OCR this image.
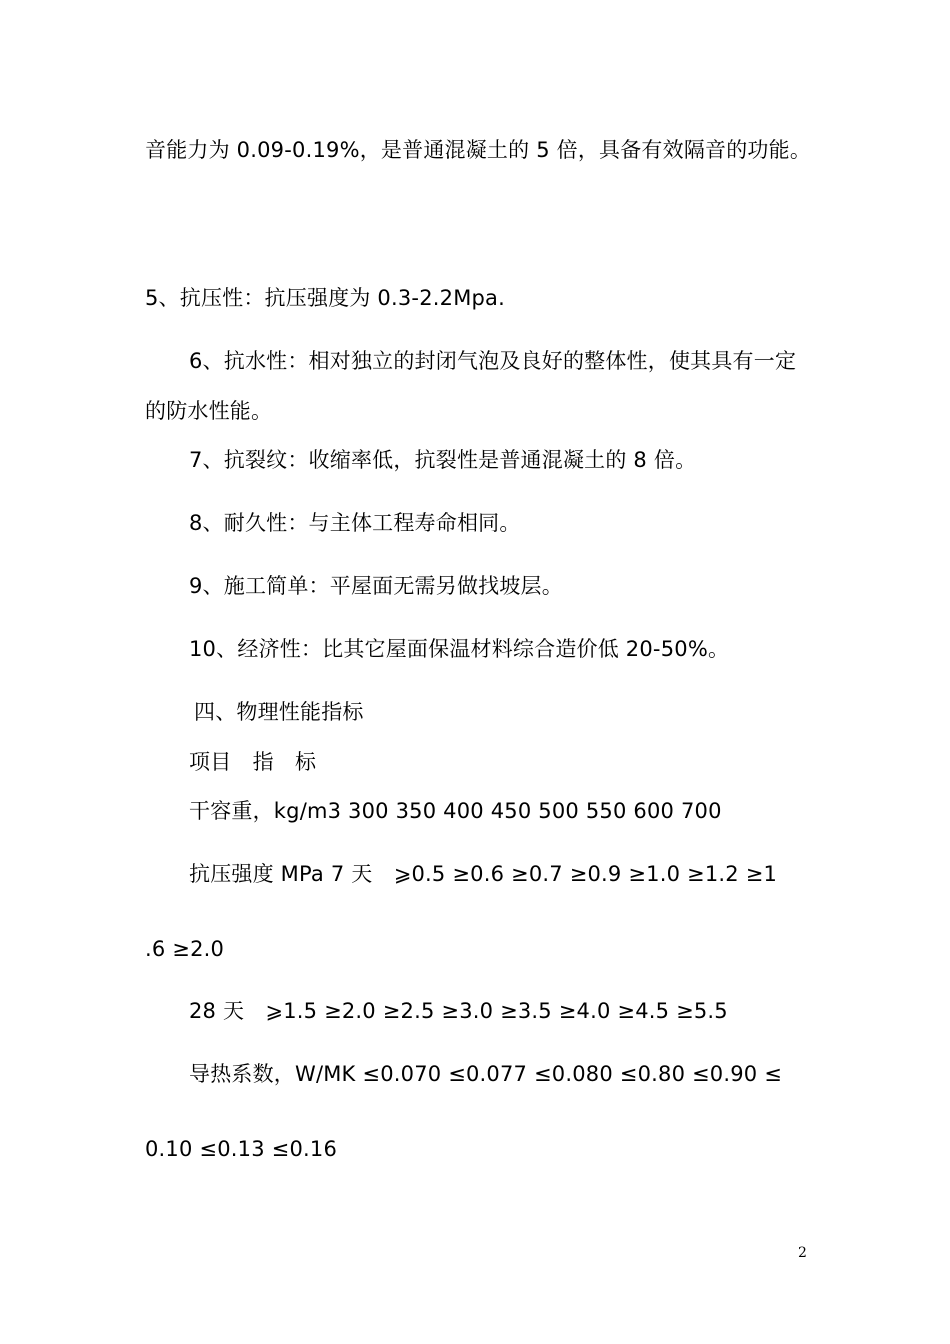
音能力为 0.09-0.19%，是普通混凝土的 5 倍，具备有效隔音的功能。
5、抗压性：抗压强度为 0.3-2.2Mpa.
6、抗水性：相对独立的封闭气泡及良好的整体性，使其具有一定
的防水性能。
7、抗裂纹：收缩率低，抗裂性是普通混凝土的 8 倍。
8、耐久性：与主体工程寿命相同。
9、施工简单：平屋面无需另做找坡层。
10、经济性：比其它屋面保温材料综合造价低 20-50%。
四、物理性能指标
项目　指　标
干容重，kg/m3 300 350 400 450 500 550 600 700
抗压强度 MPa 7 天　⩾0.5 ≥0.6 ≥0.7 ≥0.9 ≥1.0 ≥1.2 ≥1
.6 ≥2.0
28 天　⩾1.5 ≥2.0 ≥2.5 ≥3.0 ≥3.5 ≥4.0 ≥4.5 ≥5.5
导热系数，W/MK ≤0.070 ≤0.077 ≤0.080 ≤0.80 ≤0.90 ≤
0.10 ≤0.13 ≤0.16
2
